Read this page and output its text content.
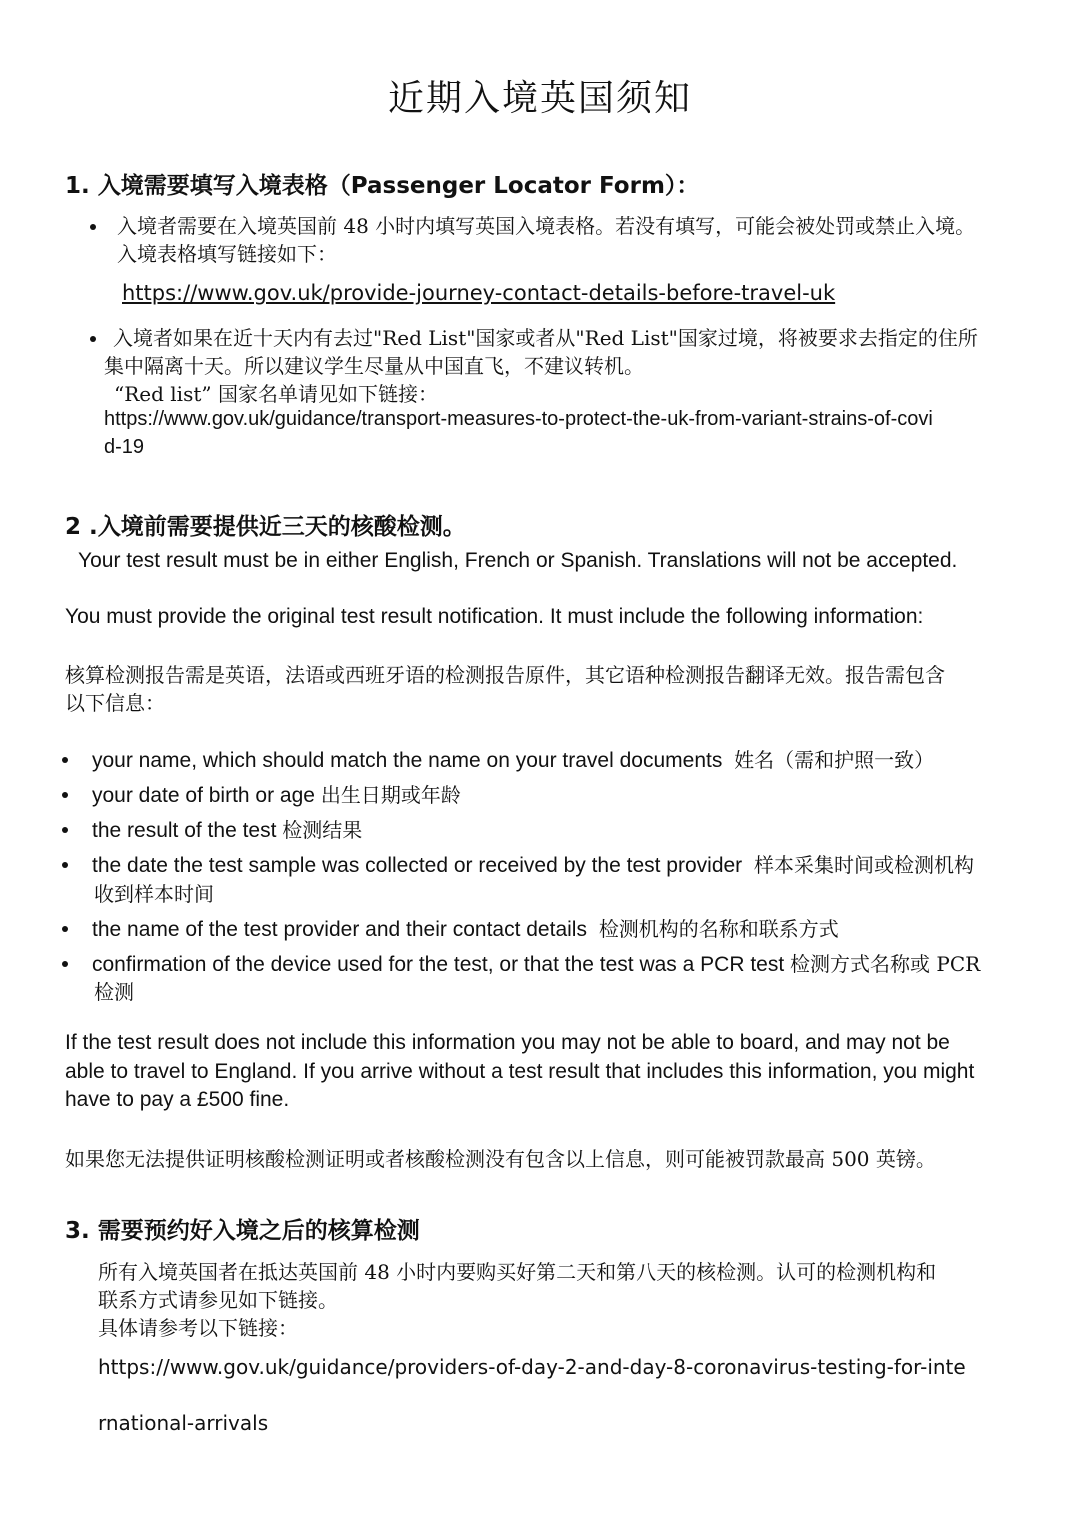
近期入境英国须知
1. 入境需要填写入境表格（Passenger Locator Form）：
入境者需要在入境英国前 48 小时内填写英国入境表格。若没有填写，可能会被处罚或禁止入境。
入境表格填写链接如下：
https://www.gov.uk/provide-journey-contact-details-before-travel-uk
入境者如果在近十天内有去过"Red List"国家或者从"Red List"国家过境，将被要求去指定的住所
集中隔离十天。所以建议学生尽量从中国直飞，不建议转机。
“Red list” 国家名单请见如下链接：
https://www.gov.uk/guidance/transport-measures-to-protect-the-uk-from-variant-strains-of-covi
d-19
2 .入境前需要提供近三天的核酸检测。
Your test result must be in either English, French or Spanish. Translations will not be accepted.
You must provide the original test result notification. It must include the following information:
核算检测报告需是英语，法语或西班牙语的检测报告原件，其它语种检测报告翻译无效。报告需包含
以下信息：
your name, which should match the name on your travel documents 姓名（需和护照一致）
your date of birth or age 出生日期或年龄
the result of the test 检测结果
the date the test sample was collected or received by the test provider 样本采集时间或检测机构
收到样本时间
the name of the test provider and their contact details 检测机构的名称和联系方式
confirmation of the device used for the test, or that the test was a PCR test 检测方式名称或 PCR
检测
If the test result does not include this information you may not be able to board, and may not be
able to travel to England. If you arrive without a test result that includes this information, you might
have to pay a £500 fine.
如果您无法提供证明核酸检测证明或者核酸检测没有包含以上信息，则可能被罚款最高 500 英镑。
3. 需要预约好入境之后的核算检测
所有入境英国者在抵达英国前 48 小时内要购买好第二天和第八天的核检测。认可的检测机构和
联系方式请参见如下链接。
具体请参考以下链接：
https://www.gov.uk/guidance/providers-of-day-2-and-day-8-coronavirus-testing-for-inte
rnational-arrivals
